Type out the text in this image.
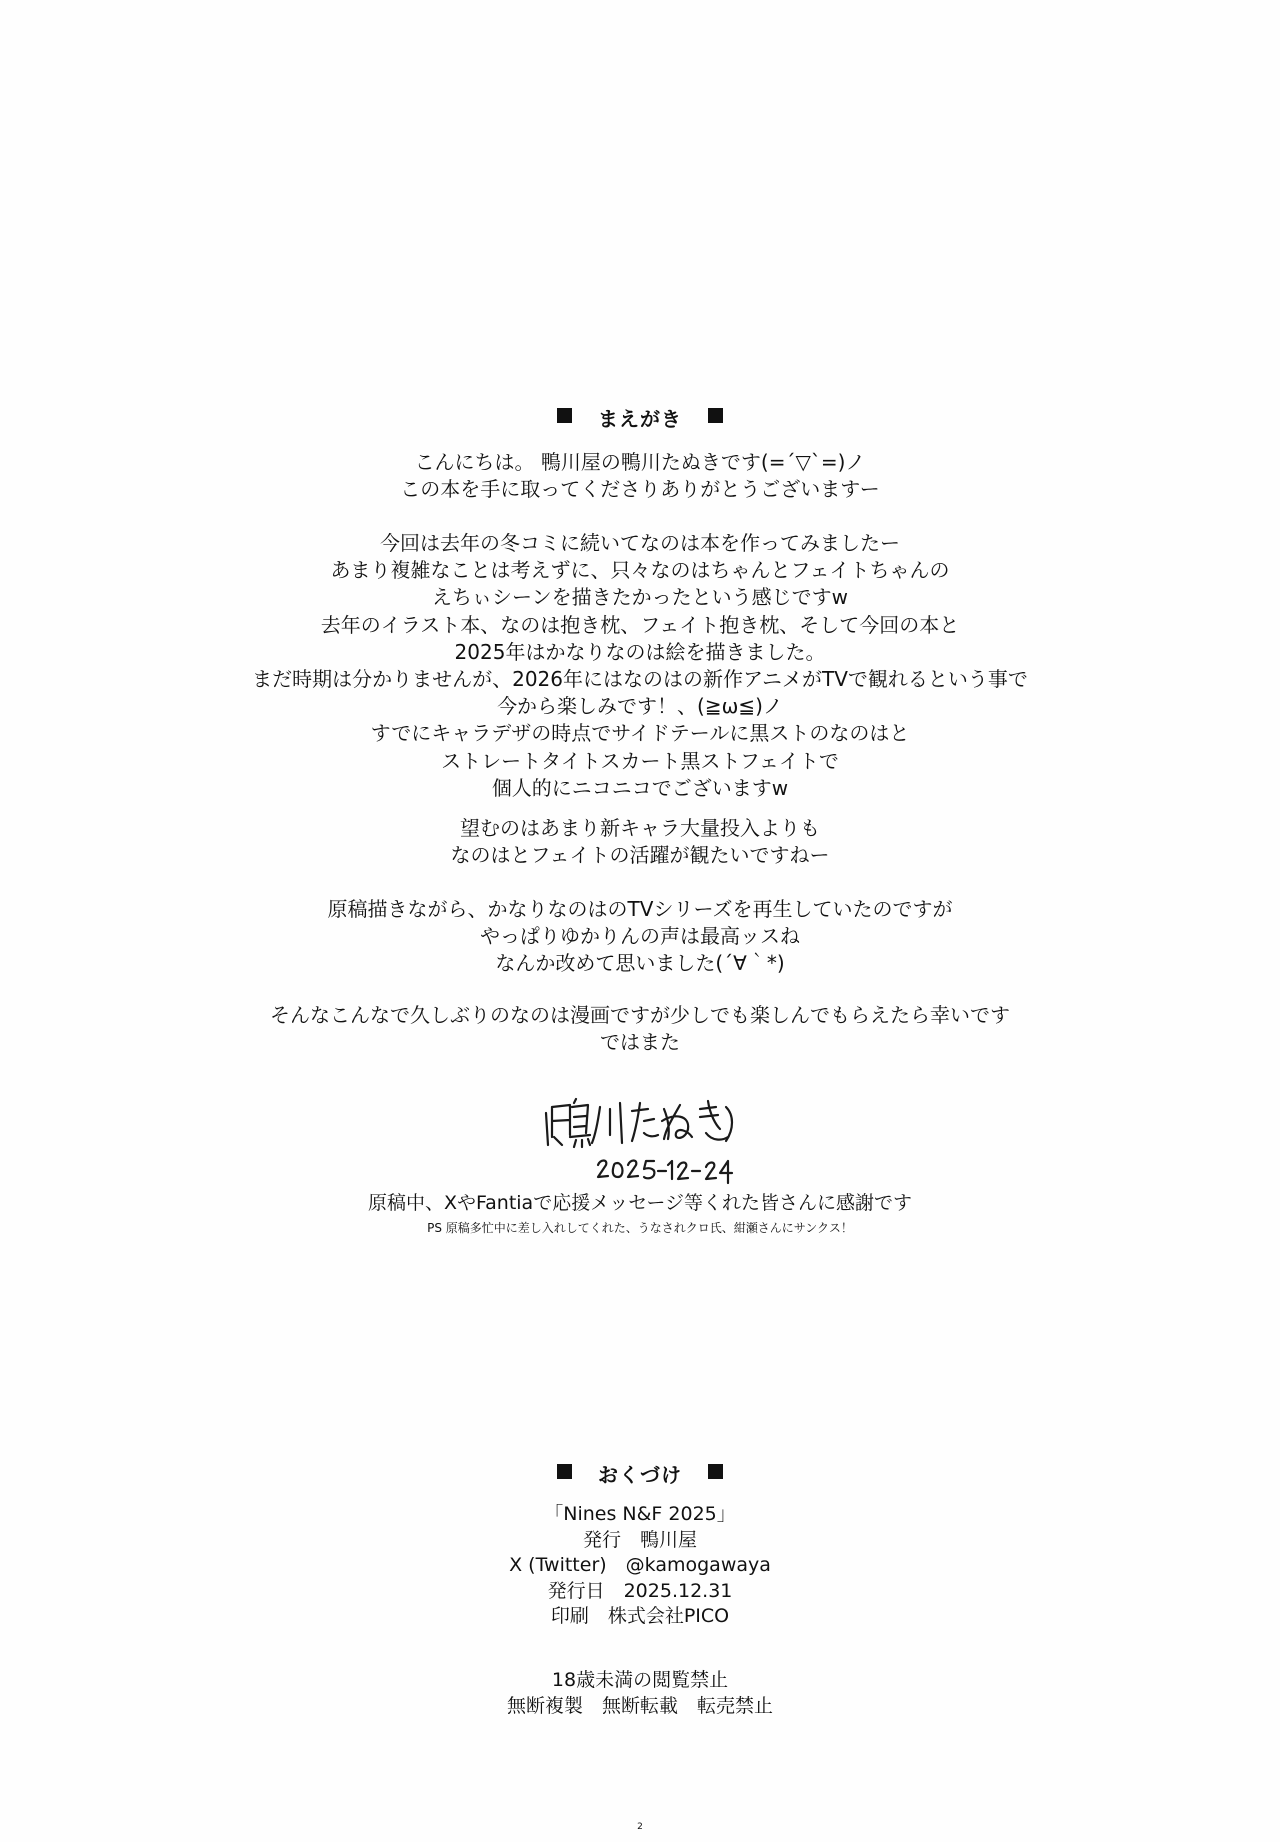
まえがき
こんにちは。 鴨川屋の鴨川たぬきです(=´▽`=)ノ
この本を手に取ってくださりありがとうございますー
今回は去年の冬コミに続いてなのは本を作ってみましたー
あまり複雑なことは考えずに、只々なのはちゃんとフェイトちゃんの
えちぃシーンを描きたかったという感じですw
去年のイラスト本、なのは抱き枕、フェイト抱き枕、そして今回の本と
2025年はかなりなのは絵を描きました。
まだ時期は分かりませんが、2026年にはなのはの新作アニメがTVで観れるという事で
今から楽しみです！、(≧ω≦)ノ
すでにキャラデザの時点でサイドテールに黒ストのなのはと
ストレートタイトスカート黒ストフェイトで
個人的にニコニコでございますw
望むのはあまり新キャラ大量投入よりも
なのはとフェイトの活躍が観たいですねー
原稿描きながら、かなりなのはのTVシリーズを再生していたのですが
やっぱりゆかりんの声は最高ッスね
なんか改めて思いました(´∀｀*)
そんなこんなで久しぶりのなのは漫画ですが少しでも楽しんでもらえたら幸いです
ではまた
原稿中、XやFantiaで応援メッセージ等くれた皆さんに感謝です
PS 原稿多忙中に差し入れしてくれた、うなされクロ氏、紺瀬さんにサンクス！
おくづけ
「Nines N&F 2025」
発行　鴨川屋
X (Twitter)　@kamogawaya
発行日　2025.12.31
印刷　株式会社PICO
18歳未満の閲覧禁止
無断複製　無断転載　転売禁止
2
